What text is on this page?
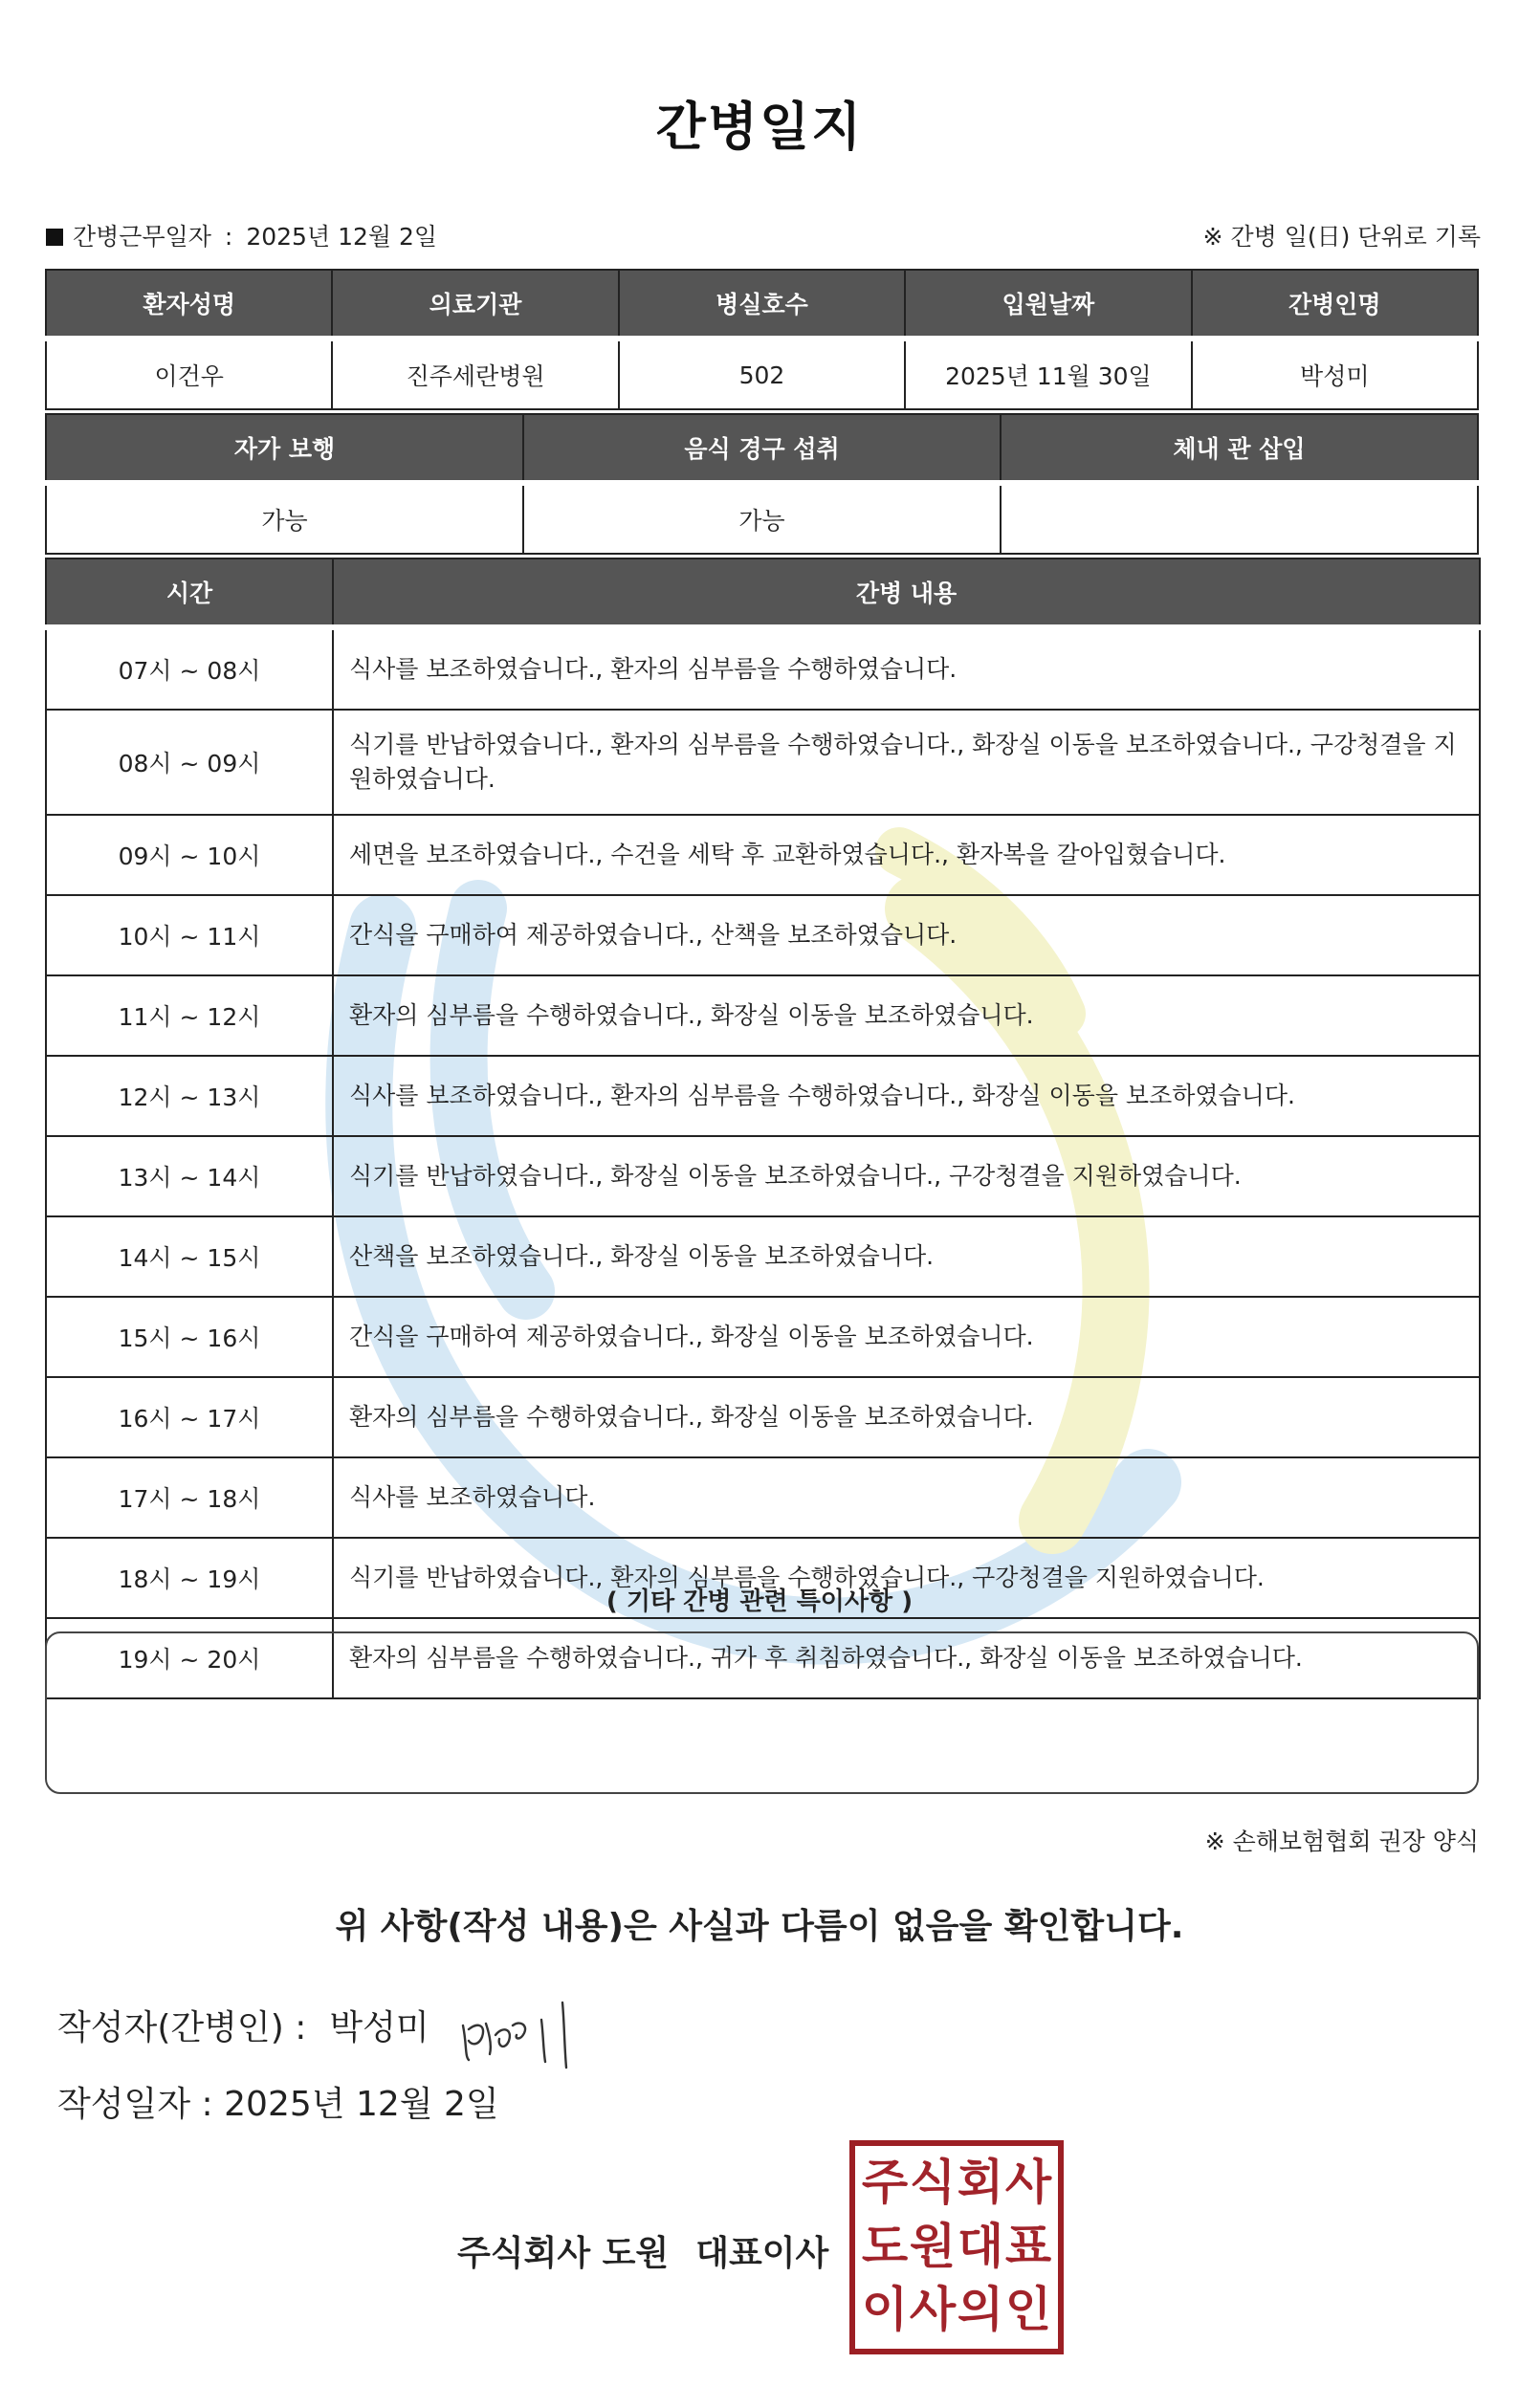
간병일지
간병근무일자 : 2025년 12월 2일	※ 간병 일(日) 단위로 기록
환자성명	의료기관	병실호수	입원날짜	간병인명
이건우	진주세란병원	502	2025년 11월 30일	박성미
자가 보행	음식 경구 섭취	체내 관 삽입
가능	가능	
시간	간병 내용
07시 ~ 08시	식사를 보조하였습니다., 환자의 심부름을 수행하였습니다.
08시 ~ 09시	식기를 반납하였습니다., 환자의 심부름을 수행하였습니다., 화장실 이동을 보조하였습니다., 구강청결을 지원하였습니다.
09시 ~ 10시	세면을 보조하였습니다., 수건을 세탁 후 교환하였습니다., 환자복을 갈아입혔습니다.
10시 ~ 11시	간식을 구매하여 제공하였습니다., 산책을 보조하였습니다.
11시 ~ 12시	환자의 심부름을 수행하였습니다., 화장실 이동을 보조하였습니다.
12시 ~ 13시	식사를 보조하였습니다., 환자의 심부름을 수행하였습니다., 화장실 이동을 보조하였습니다.
13시 ~ 14시	식기를 반납하였습니다., 화장실 이동을 보조하였습니다., 구강청결을 지원하였습니다.
14시 ~ 15시	산책을 보조하였습니다., 화장실 이동을 보조하였습니다.
15시 ~ 16시	간식을 구매하여 제공하였습니다., 화장실 이동을 보조하였습니다.
16시 ~ 17시	환자의 심부름을 수행하였습니다., 화장실 이동을 보조하였습니다.
17시 ~ 18시	식사를 보조하였습니다.
18시 ~ 19시	식기를 반납하였습니다., 환자의 심부름을 수행하였습니다., 구강청결을 지원하였습니다.
19시 ~ 20시	환자의 심부름을 수행하였습니다., 귀가 후 취침하였습니다., 화장실 이동을 보조하였습니다.
( 기타 간병 관련 특이사항 )
※ 손해보험협회 권장 양식
위 사항(작성 내용)은 사실과 다름이 없음을 확인합니다.
작성자(간병인) : 박성미
작성일자 : 2025년 12월 2일
주식회사 도원 대표이사
주 식 회 사
도 원 대 표
이 사 의 인
